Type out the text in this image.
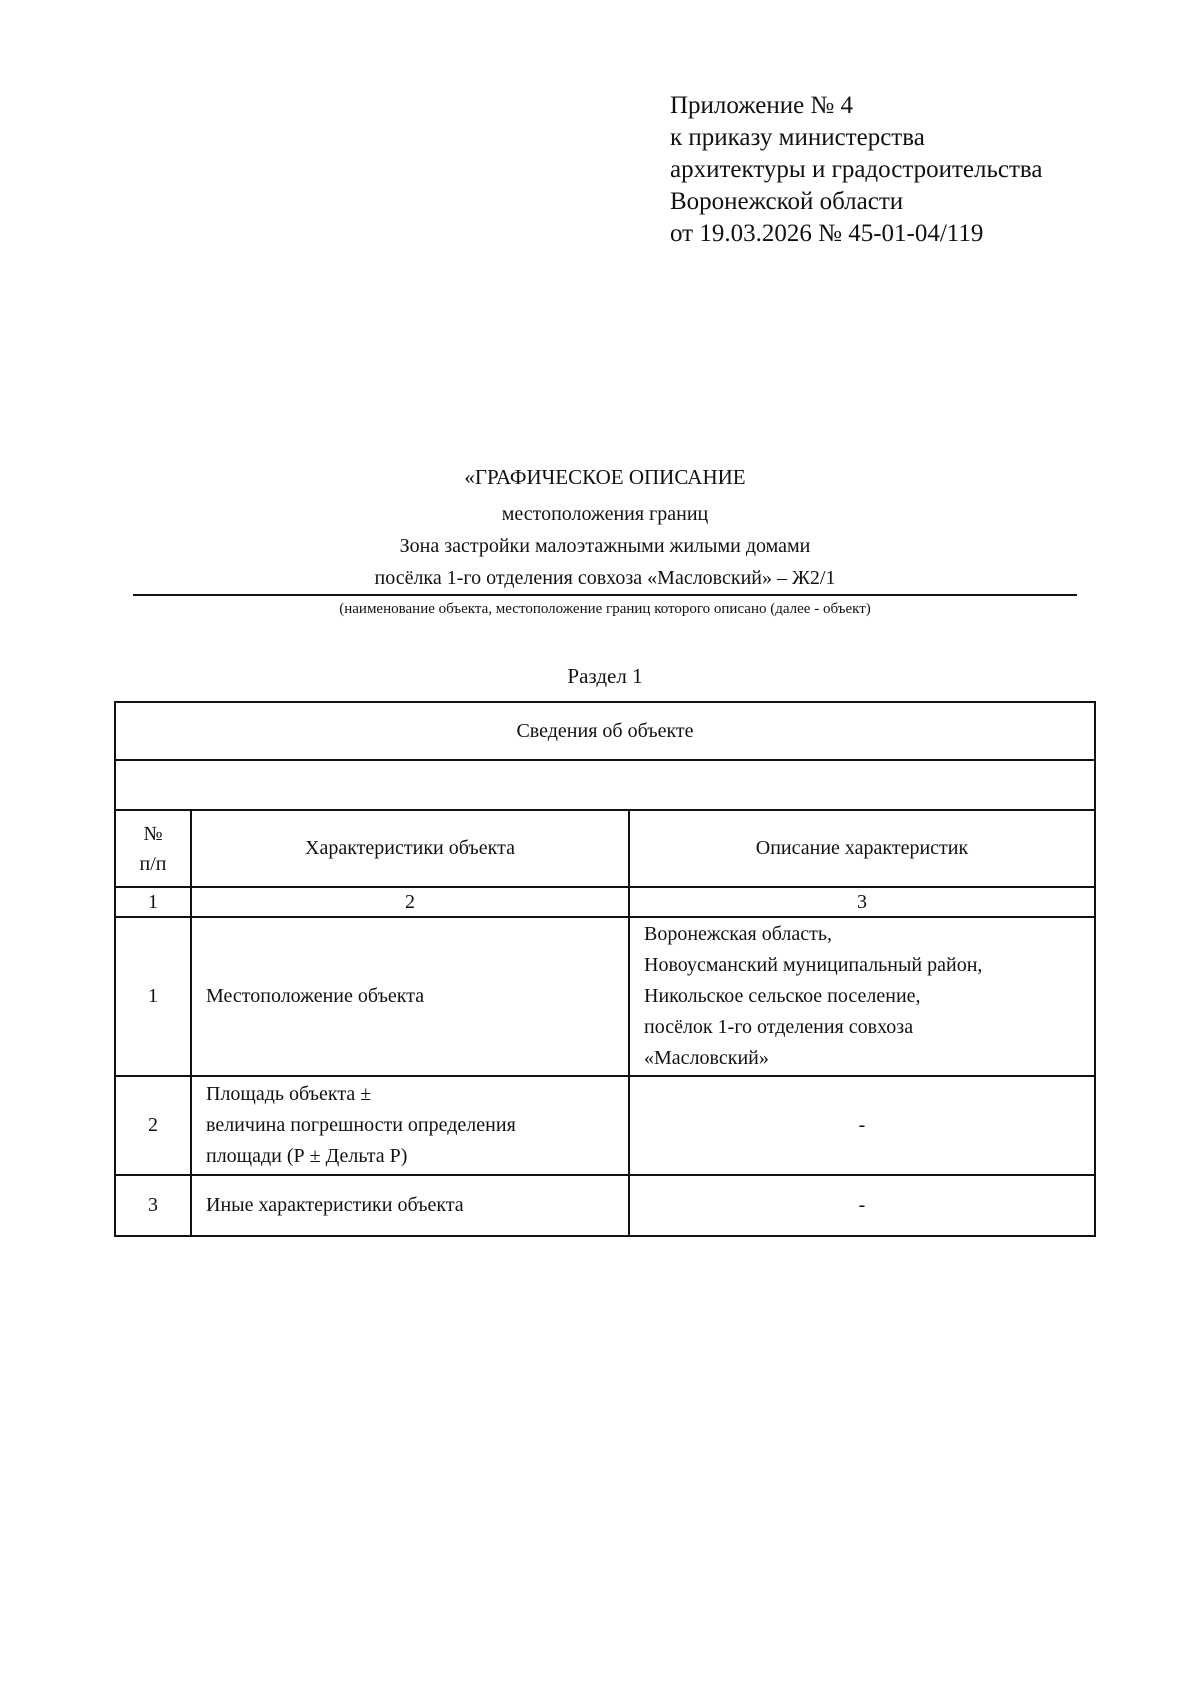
Приложение № 4
к приказу министерства
архитектуры и градостроительства
Воронежской области
от 19.03.2026 № 45-01-04/119
«ГРАФИЧЕСКОЕ ОПИСАНИЕ
местоположения границ
Зона застройки малоэтажными жилыми домами
посёлка 1-го отделения совхоза «Масловский» – Ж2/1
(наименование объекта, местоположение границ которого описано (далее - объект)
Раздел 1
Сведения об объекте		

№
п/п	Характеристики объекта	Описание характеристик
1	2	3
1	Местоположение объекта	Воронежская область,
Новоусманский муниципальный район,
Никольское сельское поселение,
посёлок 1-го отделения совхоза
«Масловский»

2	Площадь объекта ±
величина погрешности определения
площади (Р ± Дельта Р)	-
3	Иные характеристики объекта	-
